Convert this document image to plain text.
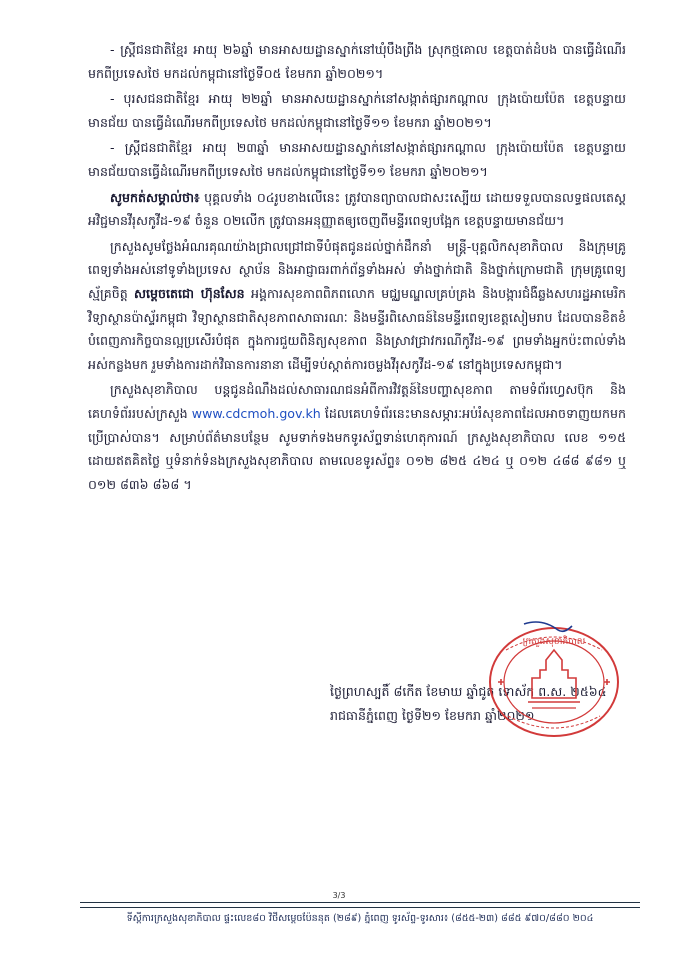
- ស្ត្រីជនជាតិខ្មែរ អាយុ ២៦ឆ្នាំ មានអាសយដ្ឋានស្នាក់នៅឃុំបឹងព្រីង ស្រុកថ្មគោល ខេត្តបាត់ដំបង បានធ្វើដំណើរមកពីប្រទេសថៃ មកដល់កម្ពុជានៅថ្ងៃទី០៥ ខែមករា ឆ្នាំ២០២១។

- បុរសជនជាតិខ្មែរ អាយុ ២២ឆ្នាំ មានអាសយដ្ឋានស្នាក់នៅសង្កាត់ផ្សារកណ្តាល ក្រុងប៉ោយប៉ែត ខេត្តបន្ទាយមានជ័យ បានធ្វើដំណើរមកពីប្រទេសថៃ មកដល់កម្ពុជានៅថ្ងៃទី១១ ខែមករា ឆ្នាំ២០២១។

- ស្ត្រីជនជាតិខ្មែរ អាយុ ២៣ឆ្នាំ មានអាសយដ្ឋានស្នាក់នៅសង្កាត់ផ្សារកណ្តាល ក្រុងប៉ោយប៉ែត ខេត្តបន្ទាយមានជ័យបានធ្វើដំណើរមកពីប្រទេសថៃ មកដល់កម្ពុជានៅថ្ងៃទី១១ ខែមករា ឆ្នាំ២០២១។

សូមកត់សម្គាល់ថា៖ បុគ្គលទាំង ០៤រូបខាងលើនេះ ត្រូវបានព្យាបាលជាសះស្បើយ ដោយទទួលបានលទ្ធផលតេស្ត អវិជ្ជមានវីរុសកូវីដ-១៩ ចំនួន ០២លើក ត្រូវបានអនុញ្ញាតឲ្យចេញពីមន្ទីរពេទ្យបង្អែក ខេត្តបន្ទាយមានជ័យ។

ក្រសួងសូមថ្លែងអំណរគុណយ៉ាងជ្រាលជ្រៅជាទីបំផុតជូនដល់ថ្នាក់ដឹកនាំ មន្ត្រី-បុគ្គលិកសុខាភិបាល និងក្រុមគ្រូពេទ្យទាំងអស់នៅទូទាំងប្រទេស ស្ថាប័ន និងអាជ្ញាធរពាក់ព័ន្ធទាំងអស់ ទាំងថ្នាក់ជាតិ និងថ្នាក់ក្រោមជាតិ ក្រុមគ្រូពេទ្យស្ម័គ្រចិត្ត សម្តេចតេជោ ហ៊ុនសែន អង្គការសុខភាពពិភពលោក មជ្ឈមណ្ឌលគ្រប់គ្រង និងបង្ការជំងឺឆ្លងសហរដ្ឋអាមេរិក វិទ្យាស្ថានប៉ាស្ទ័រកម្ពុជា វិទ្យាស្ថានជាតិសុខភាពសាធារណៈ និងមន្ទីរពិសោធន៍នៃមន្ទីរពេទ្យខេត្តសៀមរាប ដែលបានខិតខំបំពេញភារកិច្ចបានល្អប្រសើរបំផុត ក្នុងការជួយពិនិត្យសុខភាព និងស្រាវជ្រាវករណីកូវីដ-១៩ ព្រមទាំងអ្នកប៉ះពាល់ទាំងអស់កន្លងមក រួមទាំងការដាក់វិធានការនានា ដើម្បីទប់ស្កាត់ការចម្លងវីរុសកូវីដ-១៩ នៅក្នុងប្រទេសកម្ពុជា។

ក្រសួងសុខាភិបាល បន្តជូនដំណឹងដល់សាធារណជនអំពីការវិវត្តន៍នៃបញ្ហាសុខភាព តាមទំព័រហ្វេសប៊ុក និងគេហទំព័ររបស់ក្រសួង www.cdcmoh.gov.kh ដែលគេហទំព័រនេះមានសម្ភារៈអប់រំសុខភាពដែលអាចទាញយកមកប្រើប្រាស់បាន។ សម្រាប់ព័ត៌មានបន្ថែម សូមទាក់ទងមកទូរស័ព្ទទាន់ហេតុការណ៍ ក្រសួងសុខាភិបាល លេខ ១១៥ ដោយឥតគិតថ្លៃ ឬទំនាក់ទំនងក្រសួងសុខាភិបាល តាមលេខទូរស័ព្ទ៖ ០១២ ៨២៥ ៤២៤ ឬ ០១២ ៤៨៨ ៩៨១ ឬ ០១២ ៨៣៦ ៨៦៨ ។

ថ្ងៃព្រហស្បតិ៍ ៨កើត ខែមាឃ ឆ្នាំជូត ទោស័ក ព.ស. ២៥៦៤
រាជធានីភ្នំពេញ ថ្ងៃទី២១ ខែមករា ឆ្នាំ២០២១
ក្រសួងសុខាភិបាល
3/3
ទីស្តីការក្រសួងសុខាភិបាល ផ្ទះលេខ៨០ វិថីសម្តេចប៉ែននុត (២៨៩) ភ្នំពេញ ទូរស័ព្ទ-ទូរសារ៖ (៨៥៥-២៣) ៨៨៥ ៩៧០/៨៨០ ២០៤
